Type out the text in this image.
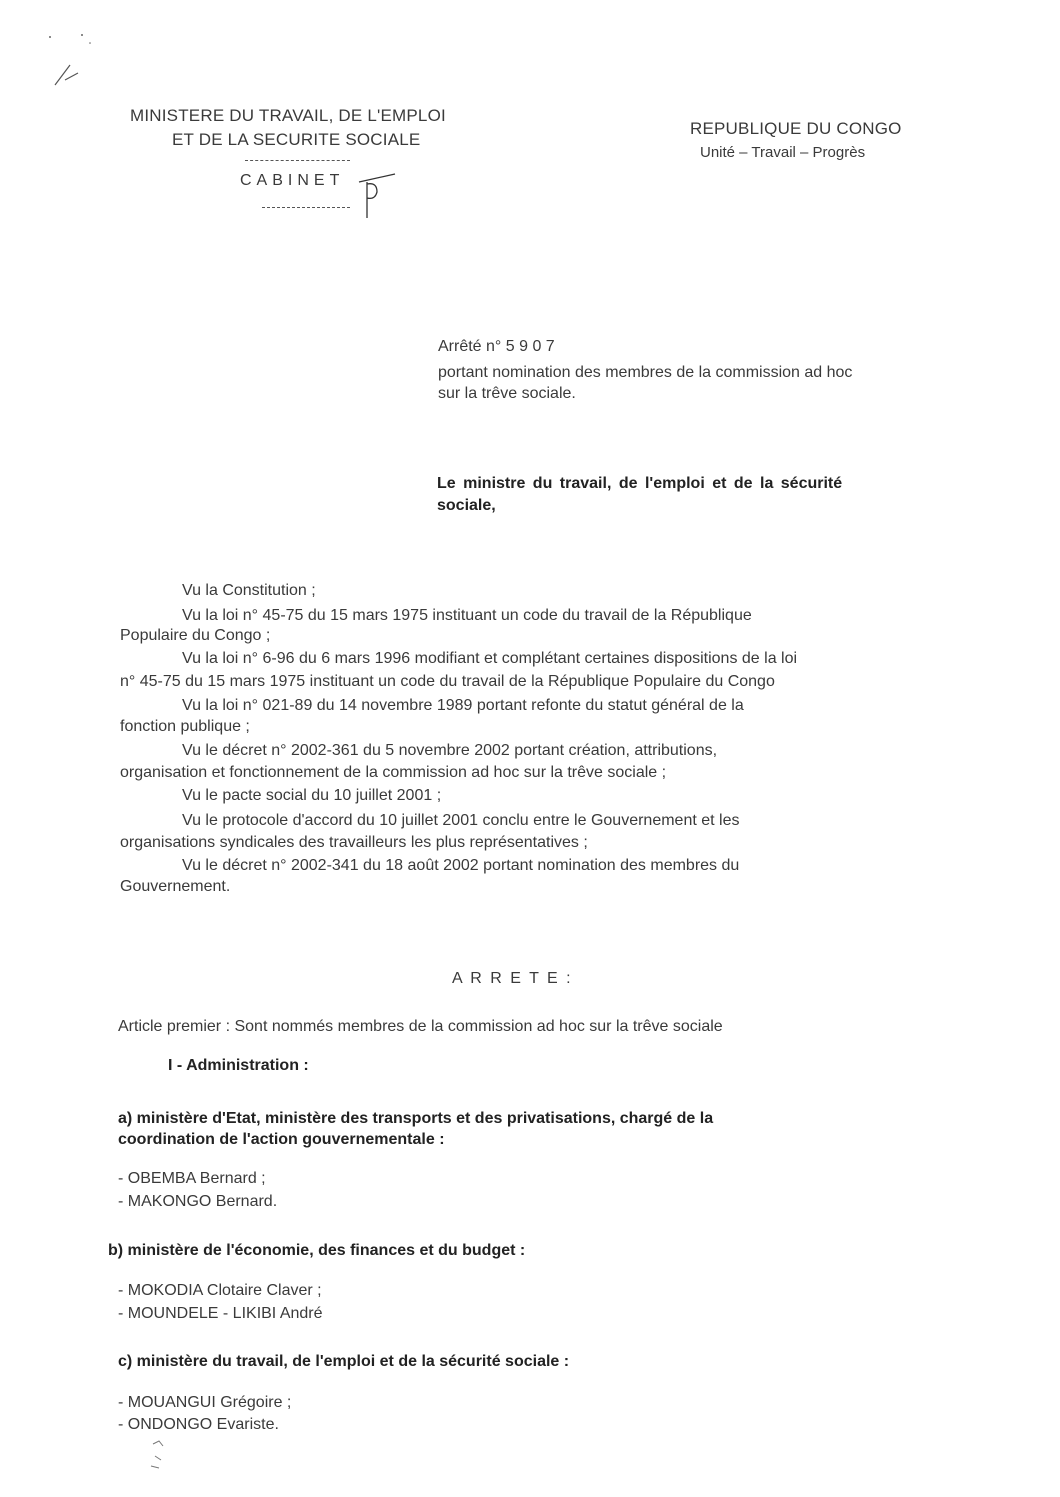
MINISTERE DU TRAVAIL, DE L'EMPLOI
ET DE LA SECURITE SOCIALE
CABINET
REPUBLIQUE DU CONGO
Unité – Travail – Progrès
Arrêté n° 5 9 0 7
portant nomination des membres de la commission ad hoc
sur la trêve sociale.
Le ministre du travail, de l'emploi et de la sécurité
sociale,
Vu la Constitution ;
Vu la loi n° 45-75 du 15 mars 1975 instituant un code du travail de la République
Populaire du Congo ;
Vu la loi n° 6-96 du 6 mars 1996 modifiant et complétant certaines dispositions de la loi
n° 45-75 du 15 mars 1975 instituant un code du travail de la République Populaire du Congo
Vu la loi n° 021-89 du 14 novembre 1989 portant refonte du statut général de la
fonction publique ;
Vu le décret n° 2002-361 du 5 novembre 2002 portant création, attributions,
organisation et fonctionnement de la commission ad hoc sur la trêve sociale ;
Vu le pacte social du 10 juillet 2001 ;
Vu le protocole d'accord du 10 juillet 2001 conclu entre le Gouvernement et les
organisations syndicales des travailleurs les plus représentatives ;
Vu le décret n° 2002-341 du 18 août 2002 portant nomination des membres du
Gouvernement.
A R R E T E :
Article premier : Sont nommés membres de la commission ad hoc sur la trêve sociale
I - Administration :
a) ministère d'Etat, ministère des transports et des privatisations, chargé de la
coordination de l'action gouvernementale :
- OBEMBA Bernard ;
- MAKONGO Bernard.
b) ministère de l'économie, des finances et du budget :
- MOKODIA Clotaire Claver ;
- MOUNDELE - LIKIBI André
c) ministère du travail, de l'emploi et de la sécurité sociale :
- MOUANGUI Grégoire ;
- ONDONGO Evariste.
